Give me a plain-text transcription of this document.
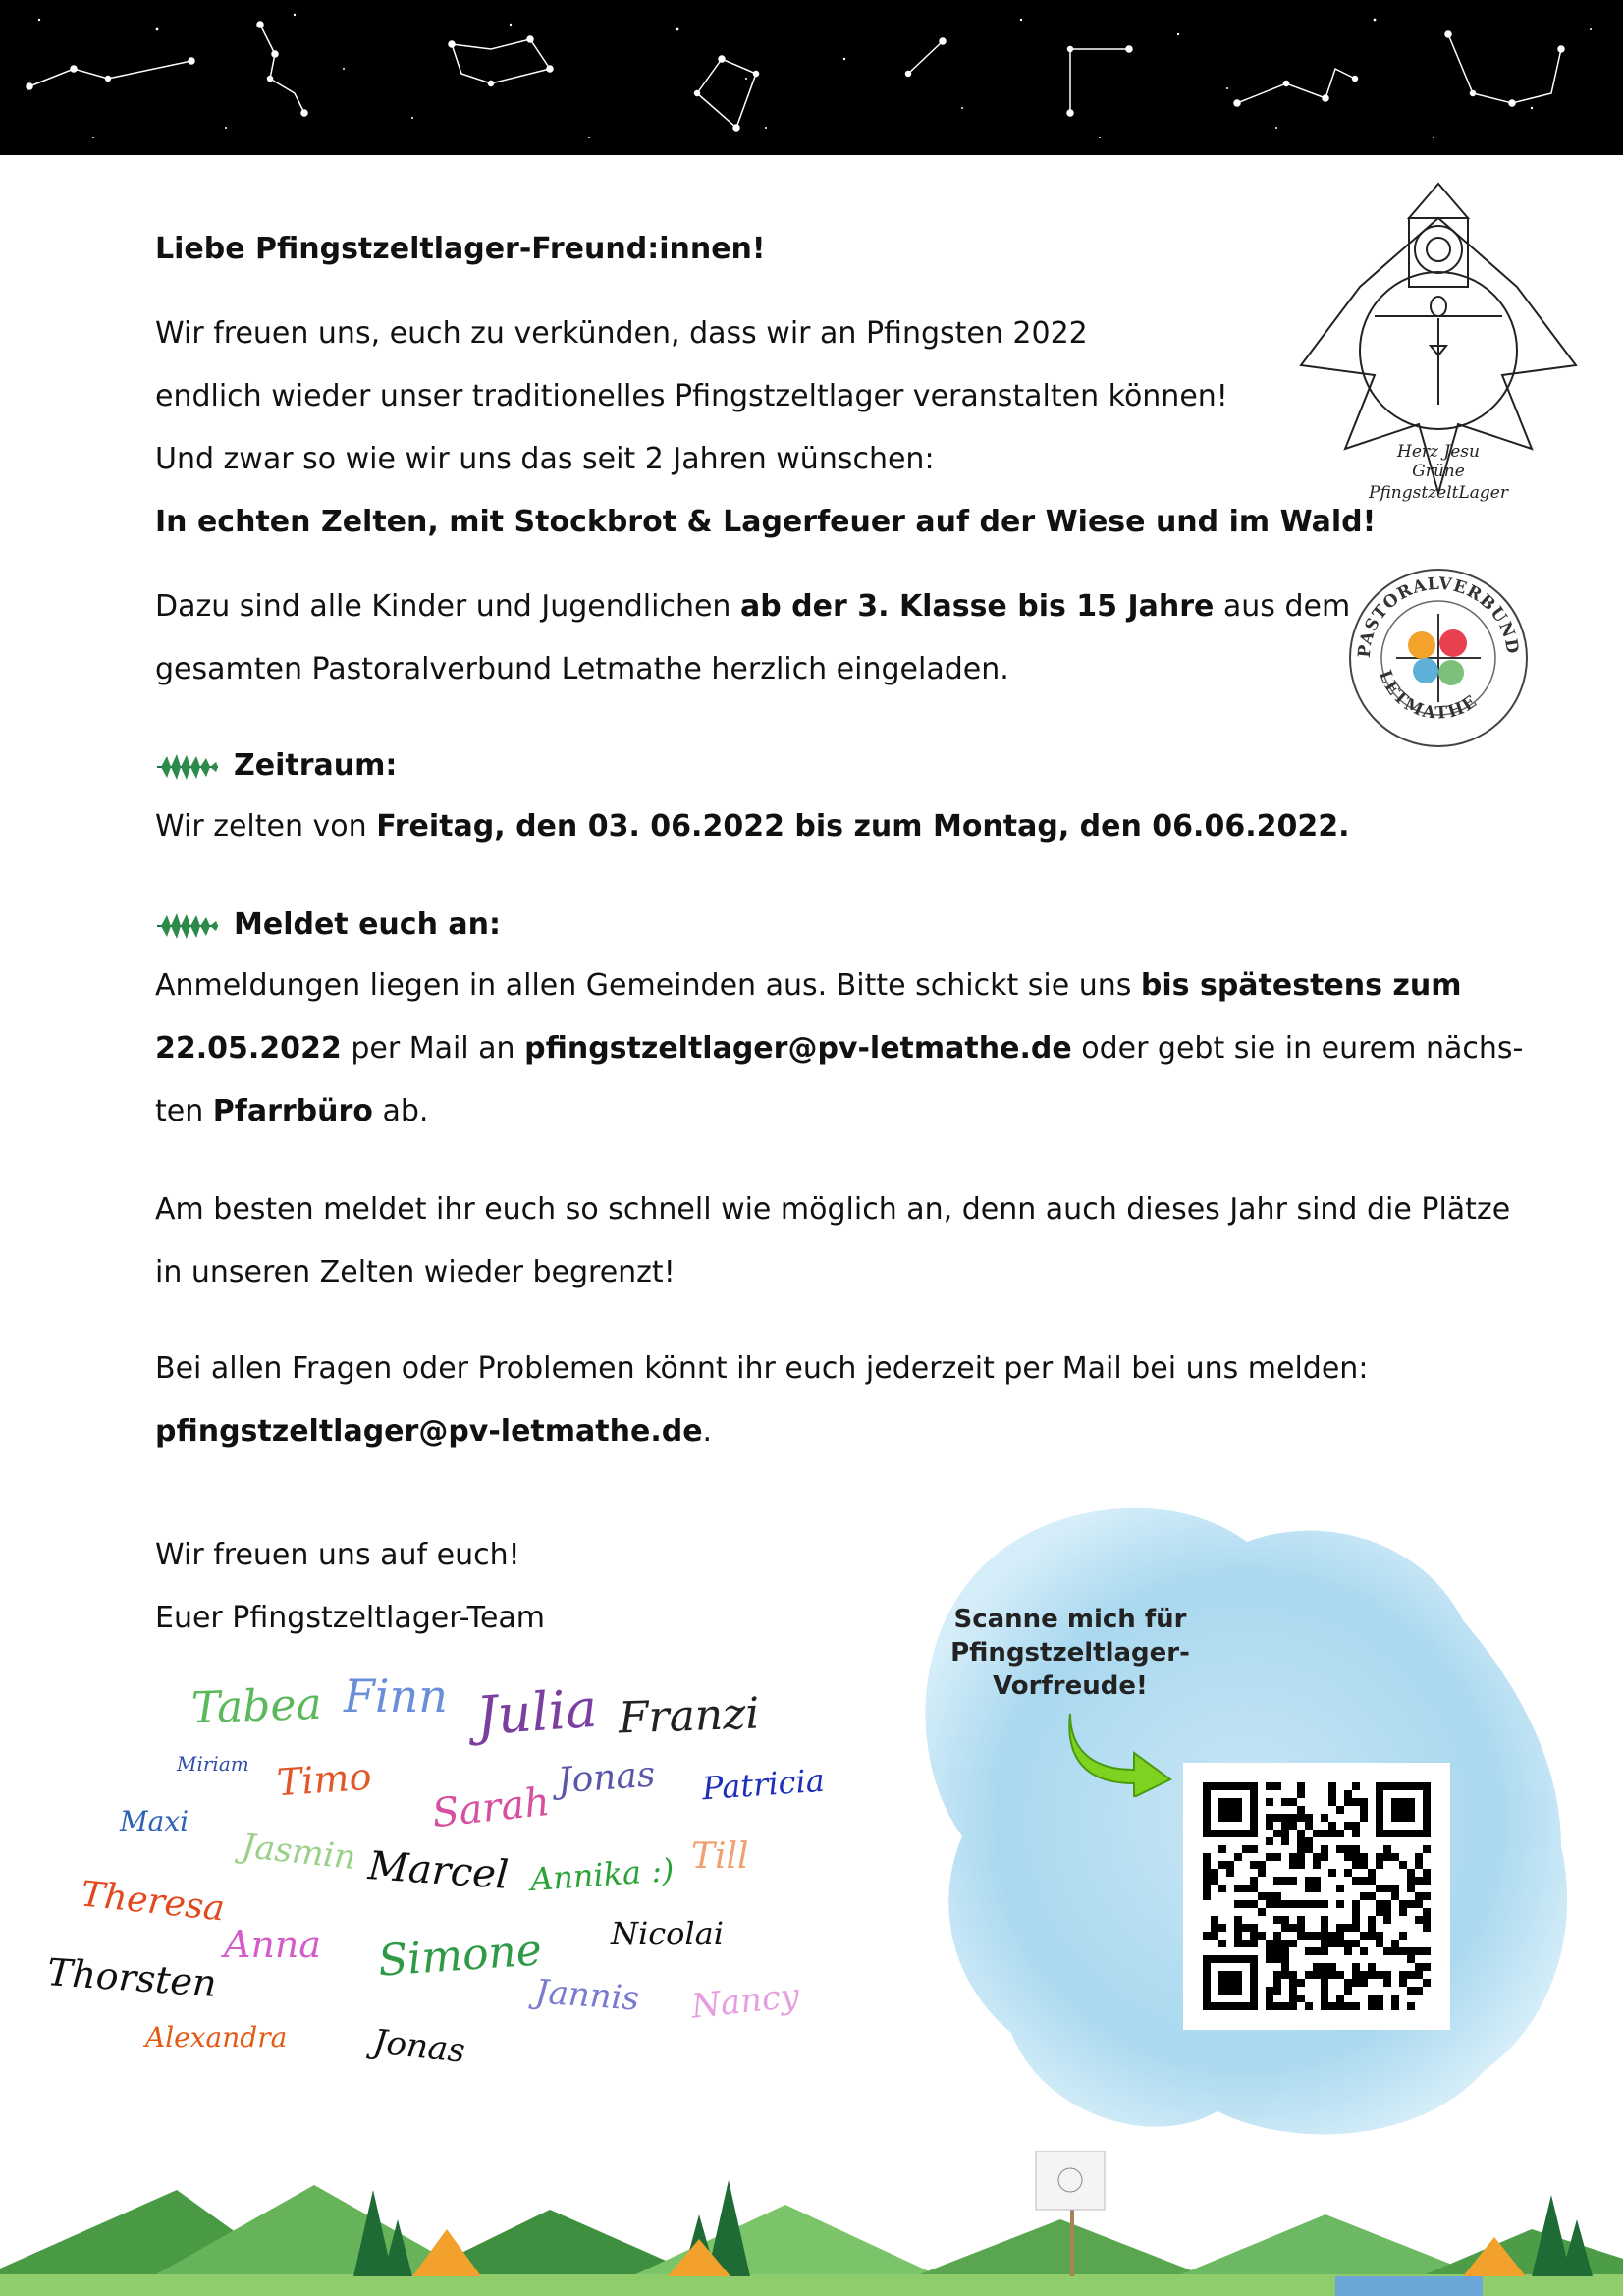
Liebe Pfingstzeltlager-Freund:innen!
Wir freuen uns, euch zu verkünden, dass wir an Pfingsten 2022
endlich wieder unser traditionelles Pfingstzeltlager veranstalten können!
Und zwar so wie wir uns das seit 2 Jahren wünschen:
In echten Zelten, mit Stockbrot & Lagerfeuer auf der Wiese und im Wald!
Dazu sind alle Kinder und Jugendlichen ab der 3. Klasse bis 15 Jahre aus dem
gesamten Pastoralverbund Letmathe herzlich eingeladen.
Zeitraum:
Wir zelten von Freitag, den 03. 06.2022 bis zum Montag, den 06.06.2022.
Meldet euch an:
Anmeldungen liegen in allen Gemeinden aus. Bitte schickt sie uns bis spätestens zum
22.05.2022 per Mail an pfingstzeltlager@pv-letmathe.de oder gebt sie in eurem nächs-
ten Pfarrbüro ab.
Am besten meldet ihr euch so schnell wie möglich an, denn auch dieses Jahr sind die Plätze
in unseren Zelten wieder begrenzt!
Bei allen Fragen oder Problemen könnt ihr euch jederzeit per Mail bei uns melden:
pfingstzeltlager@pv-letmathe.de.
Wir freuen uns auf euch!
Euer Pfingstzeltlager-Team
Herz Jesu
Grüne
PfingstzeltLager
PASTORALVERBUND
LETMATHE
Scanne mich für Pfingstzeltlager-Vorfreude!
Tabea Finn Julia Franzi
Miriam Timo Sarah
Jonas Patricia
Maxi
Jasmin Marcel Annika :) Till
Theresa
Anna Simone Nicolai
Thorsten	Jannis Nancy
Alexandra	Jonas
